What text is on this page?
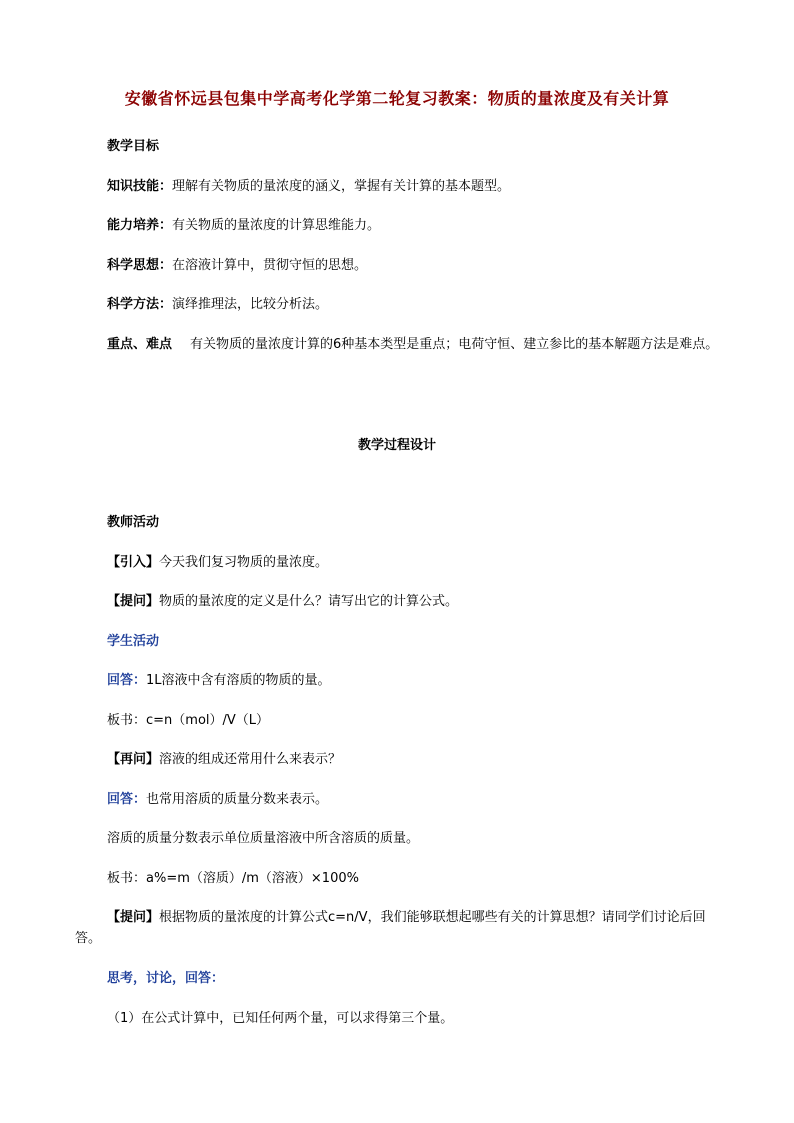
安徽省怀远县包集中学高考化学第二轮复习教案：物质的量浓度及有关计算
教学目标
知识技能：理解有关物质的量浓度的涵义，掌握有关计算的基本题型。
能力培养：有关物质的量浓度的计算思维能力。
科学思想：在溶液计算中，贯彻守恒的思想。
科学方法：演绎推理法，比较分析法。
重点、难点 有关物质的量浓度计算的6种基本类型是重点；电荷守恒、建立参比的基本解题方法是难点。
教学过程设计
教师活动
【引入】今天我们复习物质的量浓度。
【提问】物质的量浓度的定义是什么？请写出它的计算公式。
学生活动
回答：1L溶液中含有溶质的物质的量。
板书：c=n（mol）/V（L）
【再问】溶液的组成还常用什么来表示？
回答：也常用溶质的质量分数来表示。
溶质的质量分数表示单位质量溶液中所含溶质的质量。
板书：a%=m（溶质）/m（溶液）×100%
【提问】根据物质的量浓度的计算公式c=n/V，我们能够联想起哪些有关的计算思想？请同学们讨论后回答。
思考，讨论，回答：
（1）在公式计算中，已知任何两个量，可以求得第三个量。
